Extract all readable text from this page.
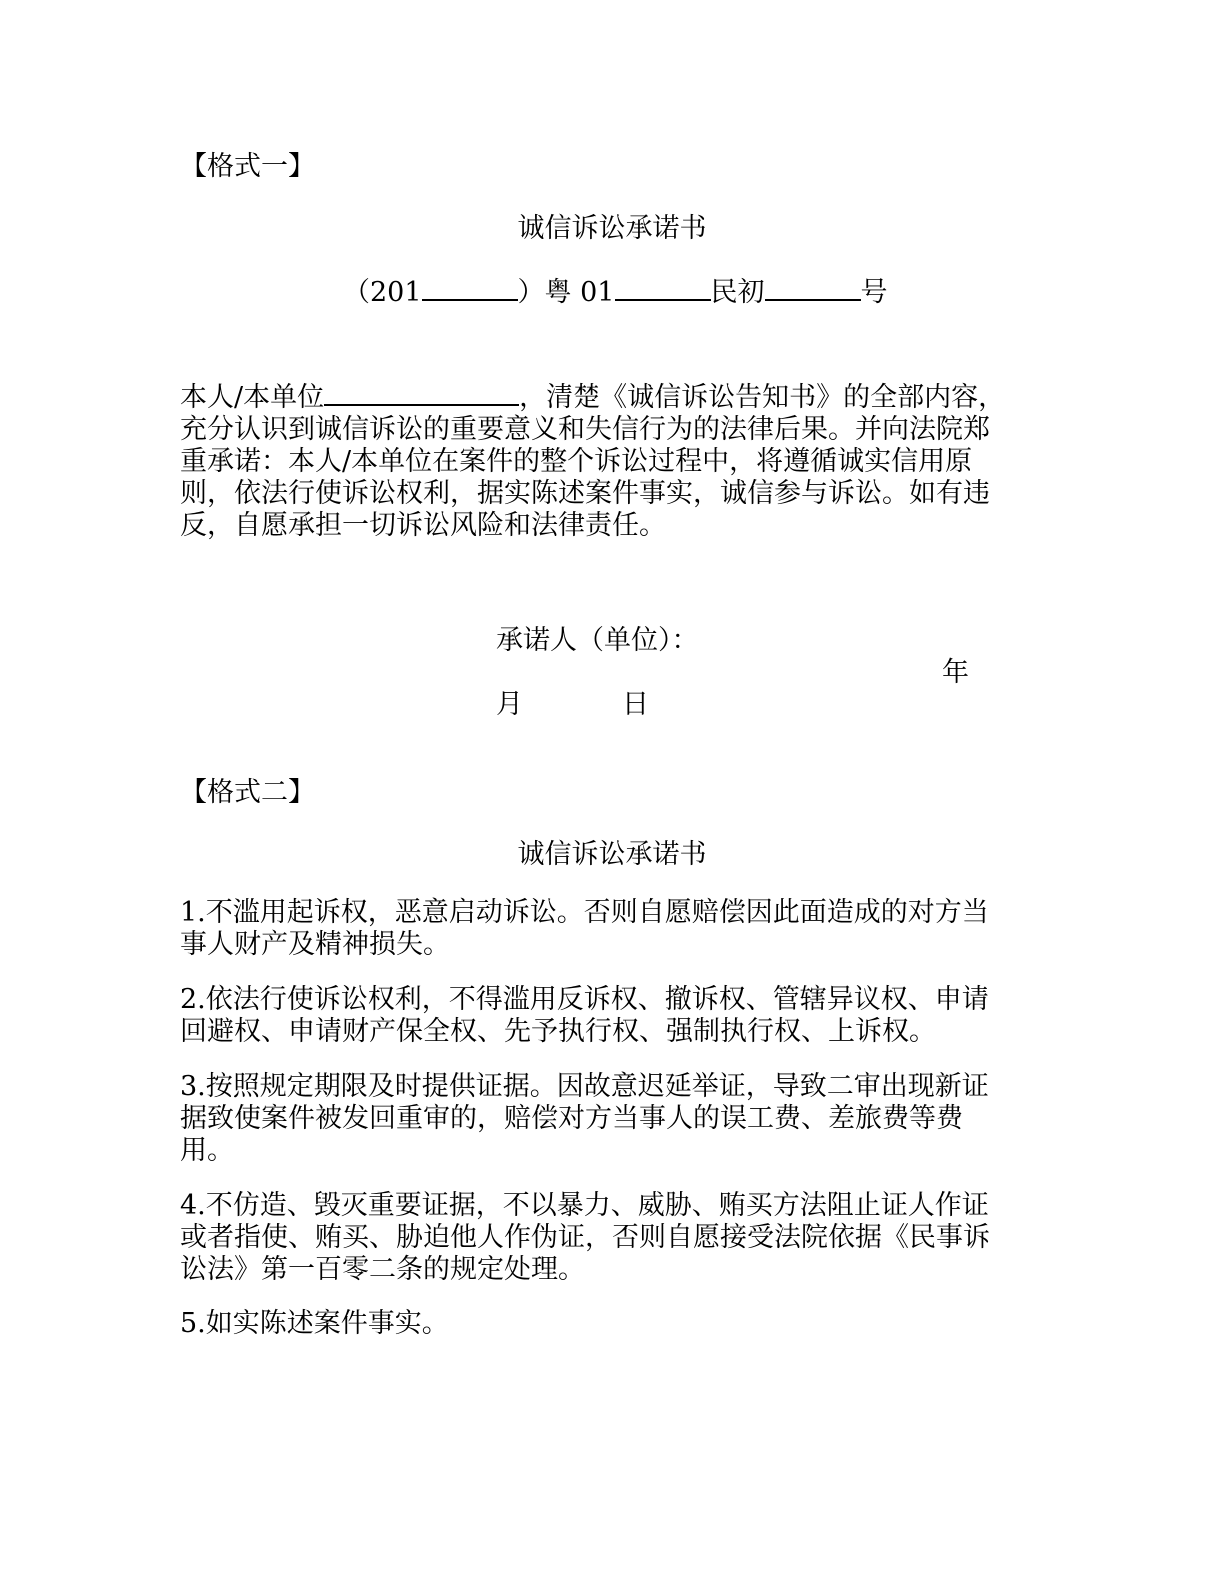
【格式一】
诚信诉讼承诺书
（201	）粤 01	民初	号
本人/本单位	，清楚《诚信诉讼告知书》的全部内容，充分认识到诚信诉讼的重要意义和失信行为的法律后果。并向法院郑重承诺：本人/本单位在案件的整个诉讼过程中，将遵循诚实信用原则，依法行使诉讼权利，据实陈述案件事实，诚信参与诉讼。如有违反，自愿承担一切诉讼风险和法律责任。
承诺人（单位）：
年
月	日
【格式二】
诚信诉讼承诺书
1.不滥用起诉权，恶意启动诉讼。否则自愿赔偿因此面造成的对方当事人财产及精神损失。
2.依法行使诉讼权利，不得滥用反诉权、撤诉权、管辖异议权、申请回避权、申请财产保全权、先予执行权、强制执行权、上诉权。
3.按照规定期限及时提供证据。因故意迟延举证，导致二审出现新证据致使案件被发回重审的，赔偿对方当事人的误工费、差旅费等费用。
4.不仿造、毁灭重要证据，不以暴力、威胁、贿买方法阻止证人作证或者指使、贿买、胁迫他人作伪证，否则自愿接受法院依据《民事诉讼法》第一百零二条的规定处理。
5.如实陈述案件事实。
